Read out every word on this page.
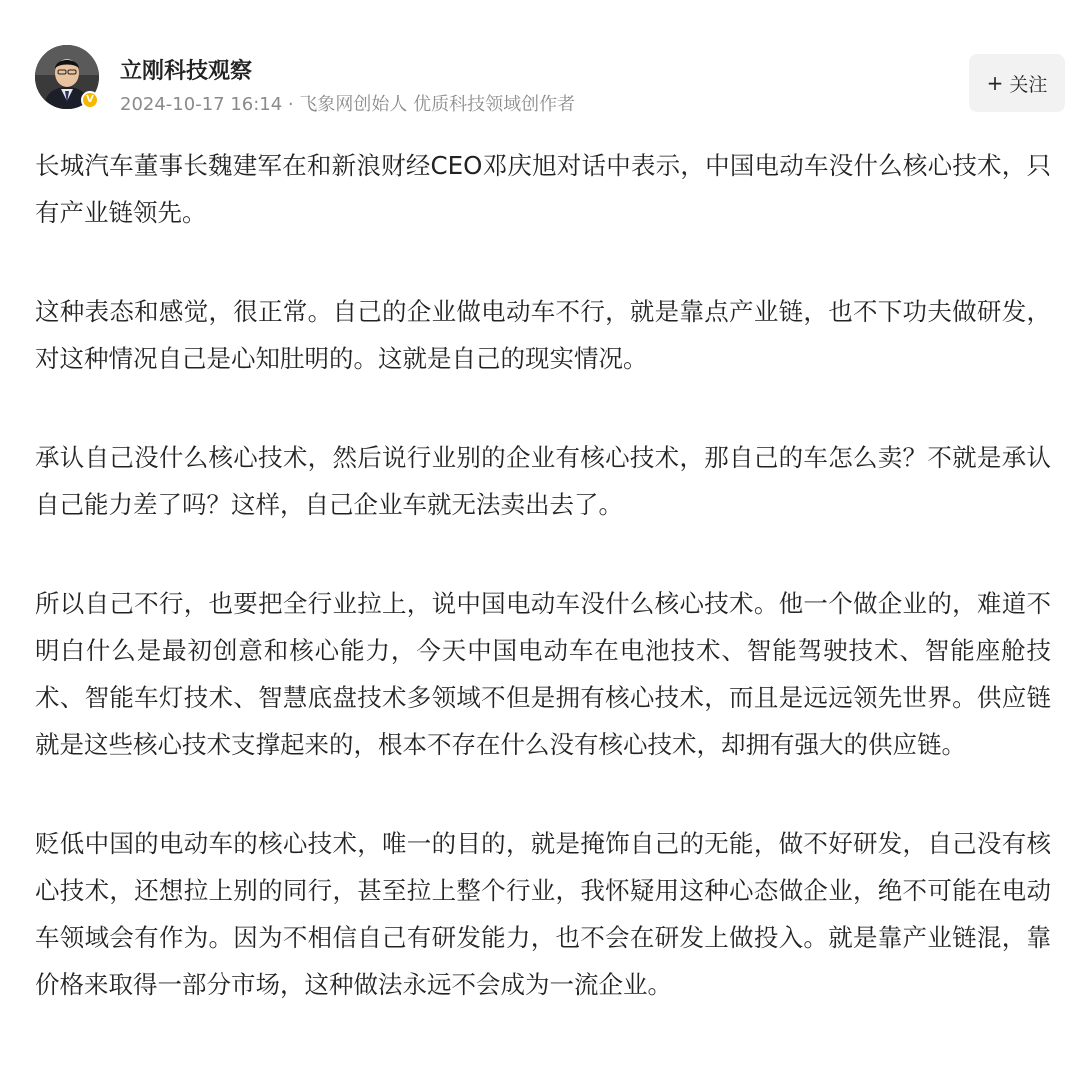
V
立刚科技观察
2024-10-17 16:14 · 飞象网创始人 优质科技领域创作者
+ 关注

长城汽车董事长魏建军在和新浪财经CEO邓庆旭对话中表示，中国电动车没什么核心技术，只有产业链领先。

这种表态和感觉，很正常。自己的企业做电动车不行，就是靠点产业链，也不下功夫做研发，对这种情况自己是心知肚明的。这就是自己的现实情况。

承认自己没什么核心技术，然后说行业别的企业有核心技术，那自己的车怎么卖？不就是承认自己能力差了吗？这样，自己企业车就无法卖出去了。

所以自己不行，也要把全行业拉上，说中国电动车没什么核心技术。他一个做企业的，难道不明白什么是最初创意和核心能力，今天中国电动车在电池技术、智能驾驶技术、智能座舱技术、智能车灯技术、智慧底盘技术多领域不但是拥有核心技术，而且是远远领先世界。供应链就是这些核心技术支撑起来的，根本不存在什么没有核心技术，却拥有强大的供应链。

贬低中国的电动车的核心技术，唯一的目的，就是掩饰自己的无能，做不好研发，自己没有核心技术，还想拉上别的同行，甚至拉上整个行业，我怀疑用这种心态做企业，绝不可能在电动车领域会有作为。因为不相信自己有研发能力，也不会在研发上做投入。就是靠产业链混，靠价格来取得一部分市场，这种做法永远不会成为一流企业。
